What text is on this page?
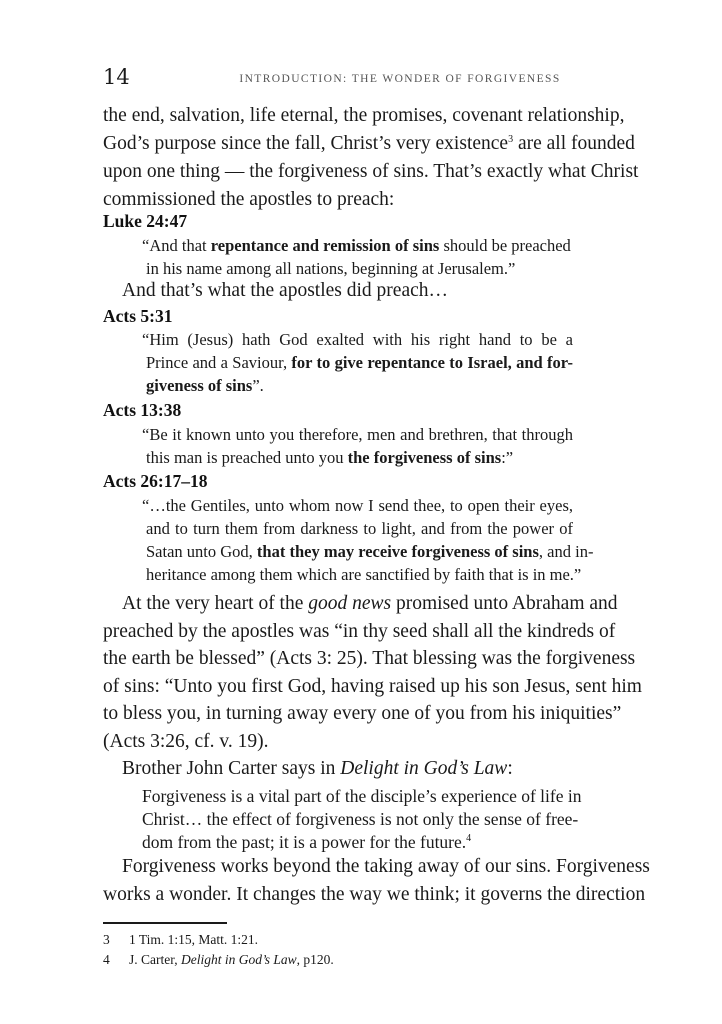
14	INTRODUCTION: THE WONDER OF FORGIVENESS
the end, salvation, life eternal, the promises, covenant relationship,
God’s purpose since the fall, Christ’s very existence$^3$ are all founded
upon one thing — the forgiveness of sins. That’s exactly what Christ
commissioned the apostles to preach:
Luke 24:47
“And that repentance and remission of sins should be preached
in his name among all nations, beginning at Jerusalem.”
And that’s what the apostles did preach…
Acts 5:31
“Him (Jesus) hath God exalted with his right hand to be a
Prince and a Saviour, for to give repentance to Israel, and for-
giveness of sins”.
Acts 13:38
“Be it known unto you therefore, men and brethren, that through
this man is preached unto you the forgiveness of sins:”
Acts 26:17–18
“…the Gentiles, unto whom now I send thee, to open their eyes,
and to turn them from darkness to light, and from the power of
Satan unto God, that they may receive forgiveness of sins, and in-
heritance among them which are sanctified by faith that is in me.”
At the very heart of the good news promised unto Abraham and
preached by the apostles was “in thy seed shall all the kindreds of
the earth be blessed” (Acts 3: 25). That blessing was the forgiveness
of sins: “Unto you first God, having raised up his son Jesus, sent him
to bless you, in turning away every one of you from his iniquities”
(Acts 3:26, cf. v. 19).
Brother John Carter says in Delight in God’s Law:
Forgiveness is a vital part of the disciple’s experience of life in
Christ… the effect of forgiveness is not only the sense of free-
dom from the past; it is a power for the future.$^4$
Forgiveness works beyond the taking away of our sins. Forgiveness
works a wonder. It changes the way we think; it governs the direction
3 1 Tim. 1:15, Matt. 1:21.
4 J. Carter, Delight in God’s Law, p120.
